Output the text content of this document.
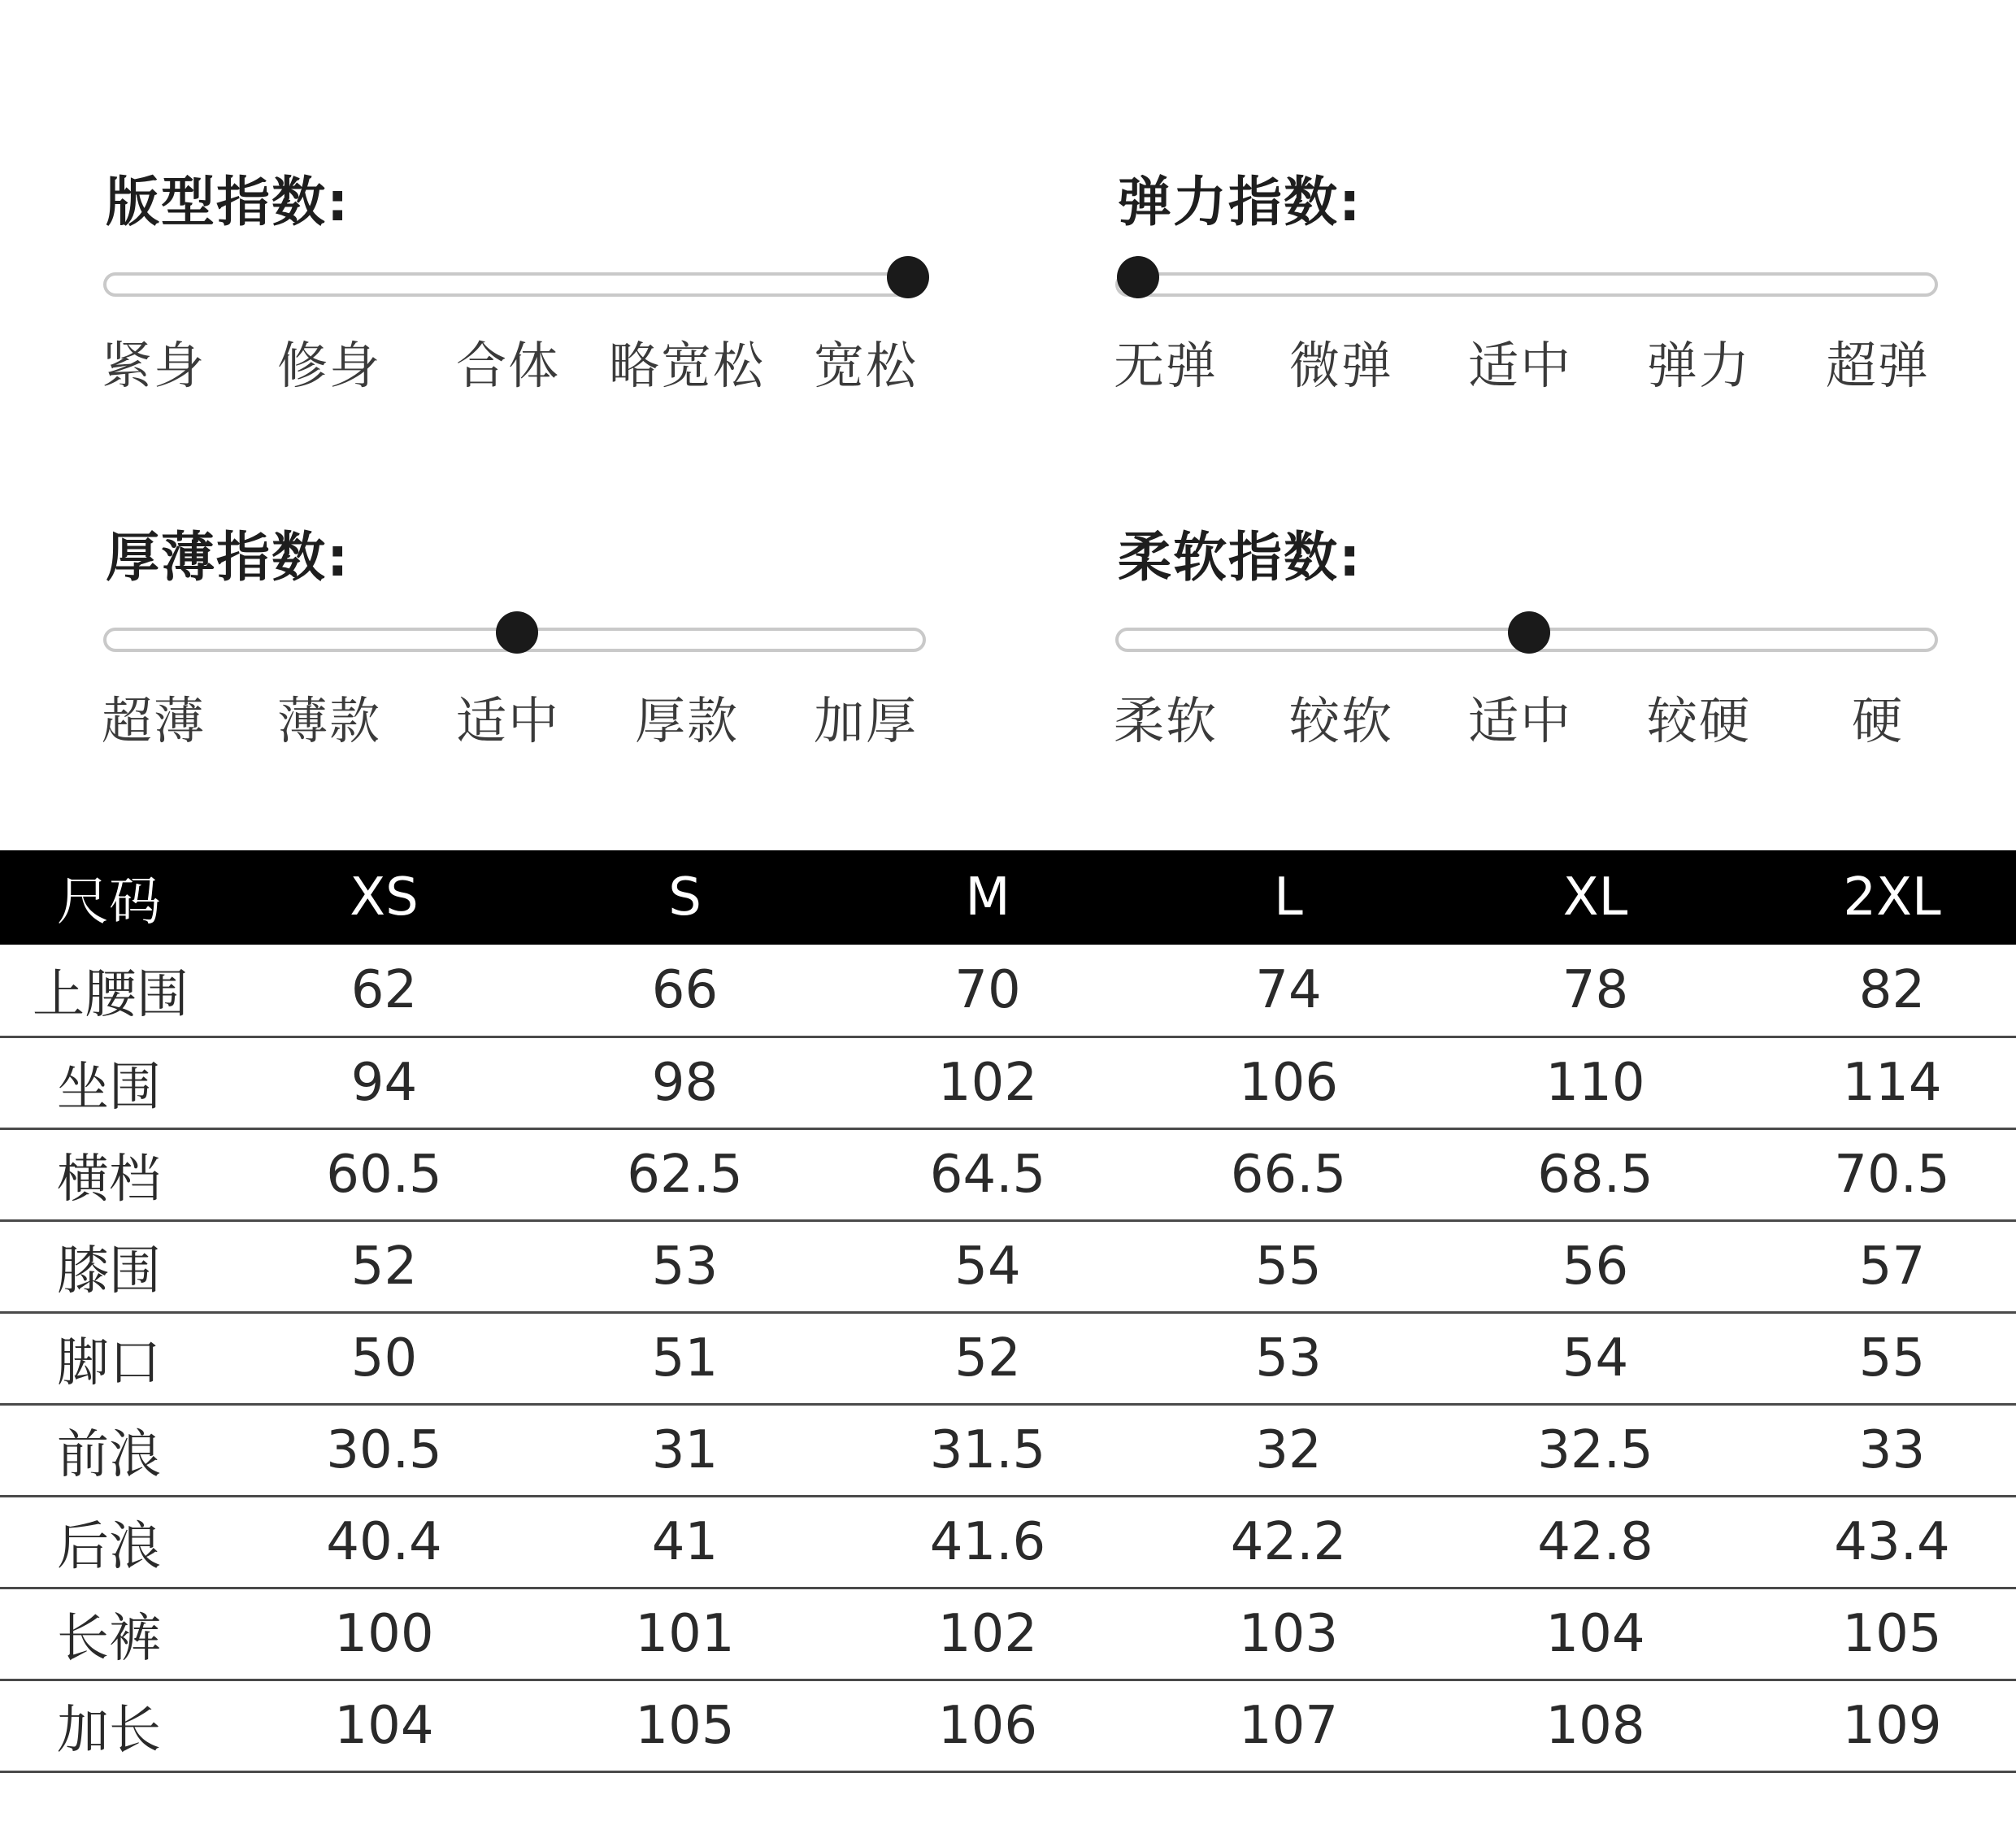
版型指数:
紧身 修身 合体 略宽松 宽松
弹力指数:
无弹 微弹 适中 弹力 超弹
厚薄指数:
超薄 薄款 适中 厚款 加厚
柔软指数:
柔软 较软 适中 较硬 硬
尺码	XS	S	M	L	XL	2XL
上腰围	62	66	70	74	78	82
坐围	94	98	102	106	110	114
横档	60.5	62.5	64.5	66.5	68.5	70.5
膝围	52	53	54	55	56	57
脚口	50	51	52	53	54	55
前浪	30.5	31	31.5	32	32.5	33
后浪	40.4	41	41.6	42.2	42.8	43.4
长裤	100	101	102	103	104	105
加长	104	105	106	107	108	109
